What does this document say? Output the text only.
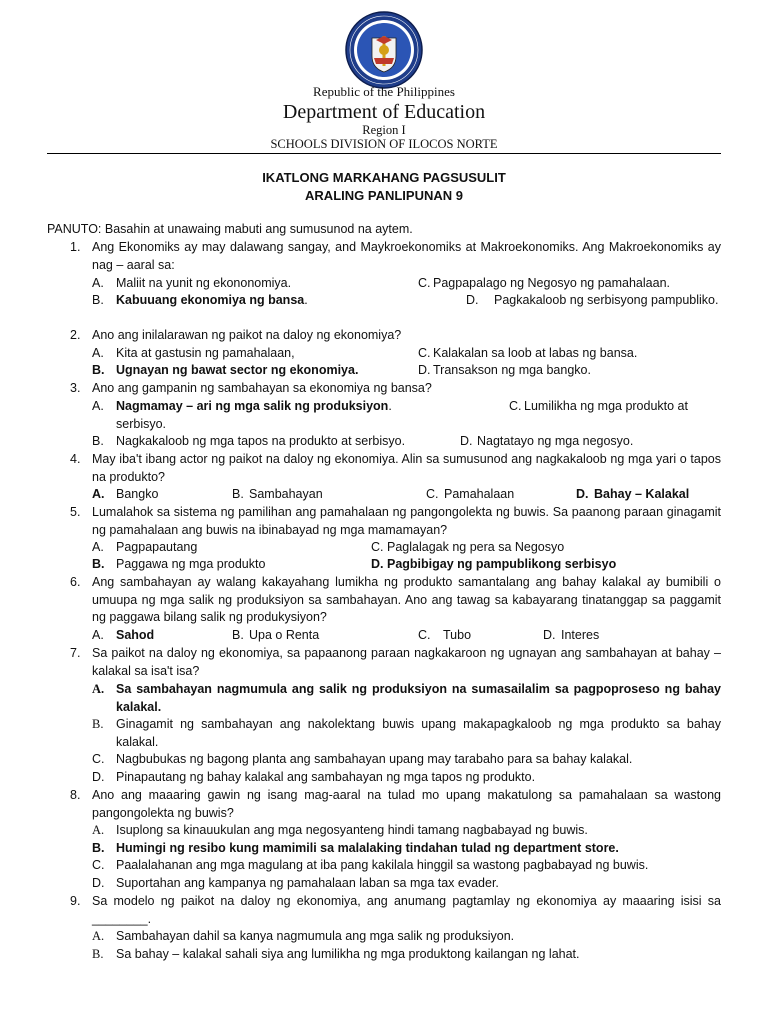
Republic of the Philippines
Department of Education
Region I
SCHOOLS DIVISION OF ILOCOS NORTE
IKATLONG MARKAHANG PAGSUSULIT
ARALING PANLIPUNAN 9
PANUTO: Basahin at unawaing mabuti ang sumusunod na aytem.
1. Ang Ekonomiks ay may dalawang sangay, and Maykroekonomiks at Makroekonomiks. Ang Makroekonomiks ay nag – aaral sa:
A. Maliit na yunit ng ekononomiya.	C. Pagpapalago ng Negosyo ng pamahalaan.
B. Kabuuang ekonomiya ng bansa.	D.	Pagkakaloob ng serbisyong pampubliko.
2. Ano ang inilalarawan ng paikot na daloy ng ekonomiya?
A. Kita at gastusin ng pamahalaan,	C. Kalakalan sa loob at labas ng bansa.
B. Ugnayan ng bawat sector ng ekonomiya.	D. Transakson ng mga bangko.
3. Ano ang gampanin ng sambahayan sa ekonomiya ng bansa?
A. Nagmamay – ari ng mga salik ng produksiyon.	C. Lumilikha ng mga produkto at serbisyo.
B. Nagkakaloob ng mga tapos na produkto at serbisyo.	D. Nagtatayo ng mga negosyo.
4. May iba't ibang actor ng paikot na daloy ng ekonomiya. Alin sa sumusunod ang nagkakaloob ng mga yari o tapos na produkto?
A. Bangko	B. Sambahayan	C. Pamahalaan	D. Bahay – Kalakal
5. Lumalahok sa sistema ng pamilihan ang pamahalaan ng pangongolekta ng buwis. Sa paanong paraan ginagamit ng pamahalaan ang buwis na ibinabayad ng mga mamamayan?
A. Pagpapautang	C. Paglalagak ng pera sa Negosyo
B. Paggawa ng mga produkto	D. Pagbibigay ng pampublikong serbisyo
6. Ang sambahayan ay walang kakayahang lumikha ng produkto samantalang ang bahay kalakal ay bumibili o umuupa ng mga salik ng produksiyon sa sambahayan. Ano ang tawag sa kabayarang tinatanggap sa paggamit ng paggawa bilang salik ng produkysiyon?
A. Sahod	B. Upa o Renta	C. Tubo	D. Interes
7. Sa paikot na daloy ng ekonomiya, sa papaanong paraan nagkakaroon ng ugnayan ang sambahayan at bahay – kalakal sa isa't isa?
A. Sa sambahayan nagmumula ang salik ng produksiyon na sumasailalim sa pagpoproseso ng bahay kalakal.
B. Ginagamit ng sambahayan ang nakolektang buwis upang makapagkaloob ng mga produkto sa bahay kalakal.
C. Nagbubukas ng bagong planta ang sambahayan upang may tarabaho para sa bahay kalakal.
D. Pinapautang ng bahay kalakal ang sambahayan ng mga tapos ng produkto.
8. Ano ang maaaring gawin ng isang mag-aaral na tulad mo upang makatulong sa pamahalaan sa wastong pangongolekta ng buwis?
A. Isuplong sa kinauukulan ang mga negosyanteng hindi tamang nagbabayad ng buwis.
B. Humingi ng resibo kung mamimili sa malalaking tindahan tulad ng department store.
C. Paalalahanan ang mga magulang at iba pang kakilala hinggil sa wastong pagbabayad ng buwis.
D. Suportahan ang kampanya ng pamahalaan laban sa mga tax evader.
9. Sa modelo ng paikot na daloy ng ekonomiya, ang anumang pagtamlay ng ekonomiya ay maaaring isisi sa ________.
A. Sambahayan dahil sa kanya nagmumula ang mga salik ng produksiyon.
B. Sa bahay – kalakal sahali siya ang lumilikha ng mga produktong kailangan ng lahat.
